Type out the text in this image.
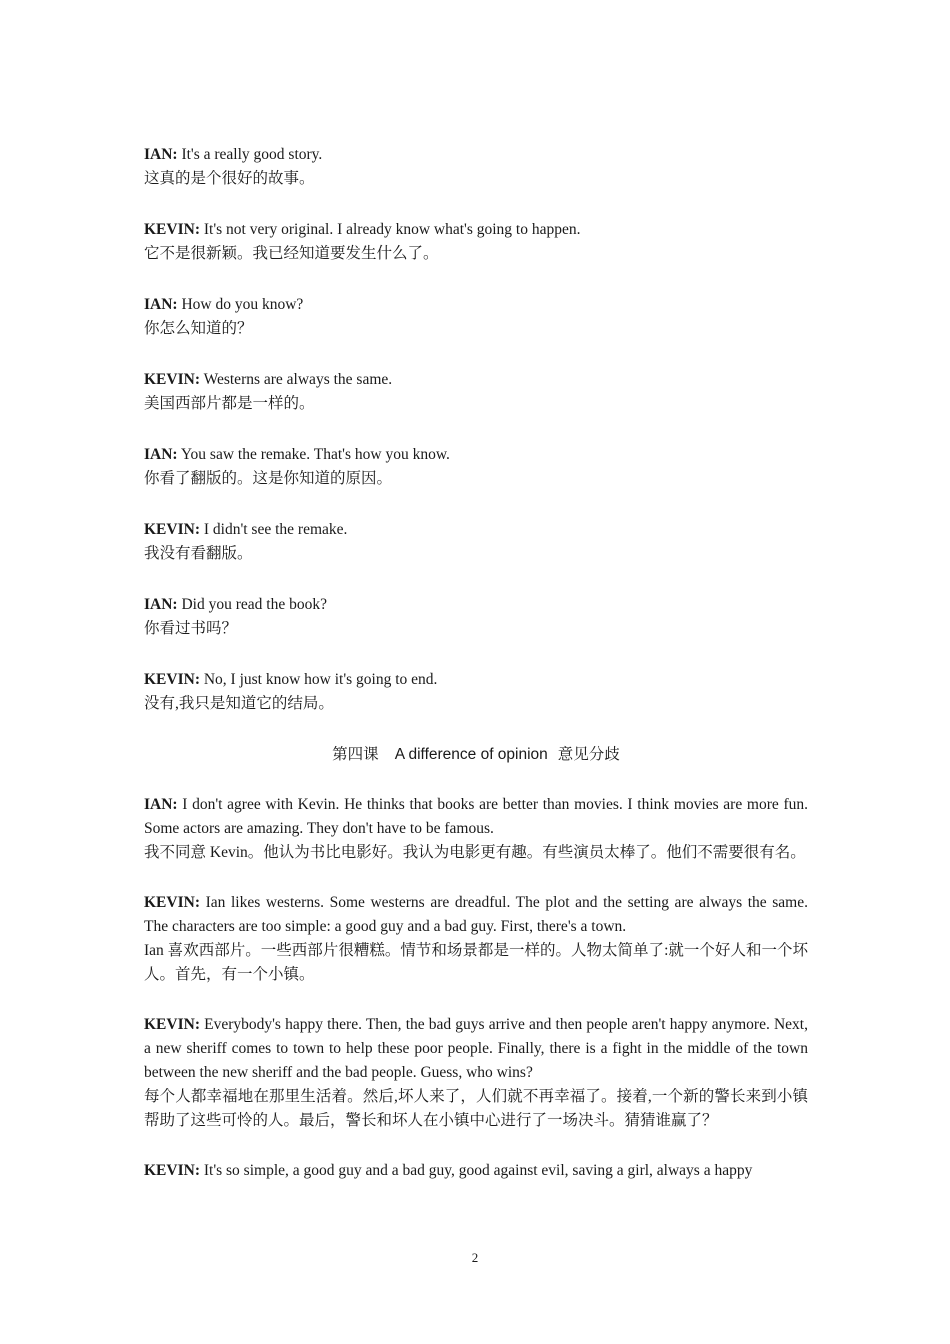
IAN: It's a really good story.

这真的是个很好的故事。

KEVIN: It's not very original. I already know what's going to happen.

它不是很新颖。我已经知道要发生什么了。

IAN: How do you know?

你怎么知道的？

KEVIN: Westerns are always the same.

美国西部片都是一样的。

IAN: You saw the remake. That's how you know.

你看了翻版的。这是你知道的原因。

KEVIN: I didn't see the remake.

我没有看翻版。

IAN: Did you read the book?

你看过书吗？

KEVIN: No, I just know how it's going to end.

没有,我只是知道它的结局。

第四课 A difference of opinion 意见分歧

IAN: I don't agree with Kevin. He thinks that books are better than movies. I think movies are more fun. Some actors are amazing. They don't have to be famous.

我不同意 Kevin。他认为书比电影好。我认为电影更有趣。有些演员太棒了。他们不需要很有名。

KEVIN: Ian likes westerns. Some westerns are dreadful. The plot and the setting are always the same. The characters are too simple: a good guy and a bad guy. First, there's a town.

Ian 喜欢西部片。一些西部片很糟糕。情节和场景都是一样的。人物太简单了:就一个好人和一个坏人。首先，有一个小镇。

KEVIN: Everybody's happy there. Then, the bad guys arrive and then people aren't happy anymore. Next, a new sheriff comes to town to help these poor people. Finally, there is a fight in the middle of the town between the new sheriff and the bad people. Guess, who wins?

每个人都幸福地在那里生活着。然后,坏人来了，人们就不再幸福了。接着,一个新的警长来到小镇帮助了这些可怜的人。最后，警长和坏人在小镇中心进行了一场决斗。猜猜谁赢了？

KEVIN: It's so simple, a good guy and a bad guy, good against evil, saving a girl, always a happy

2
